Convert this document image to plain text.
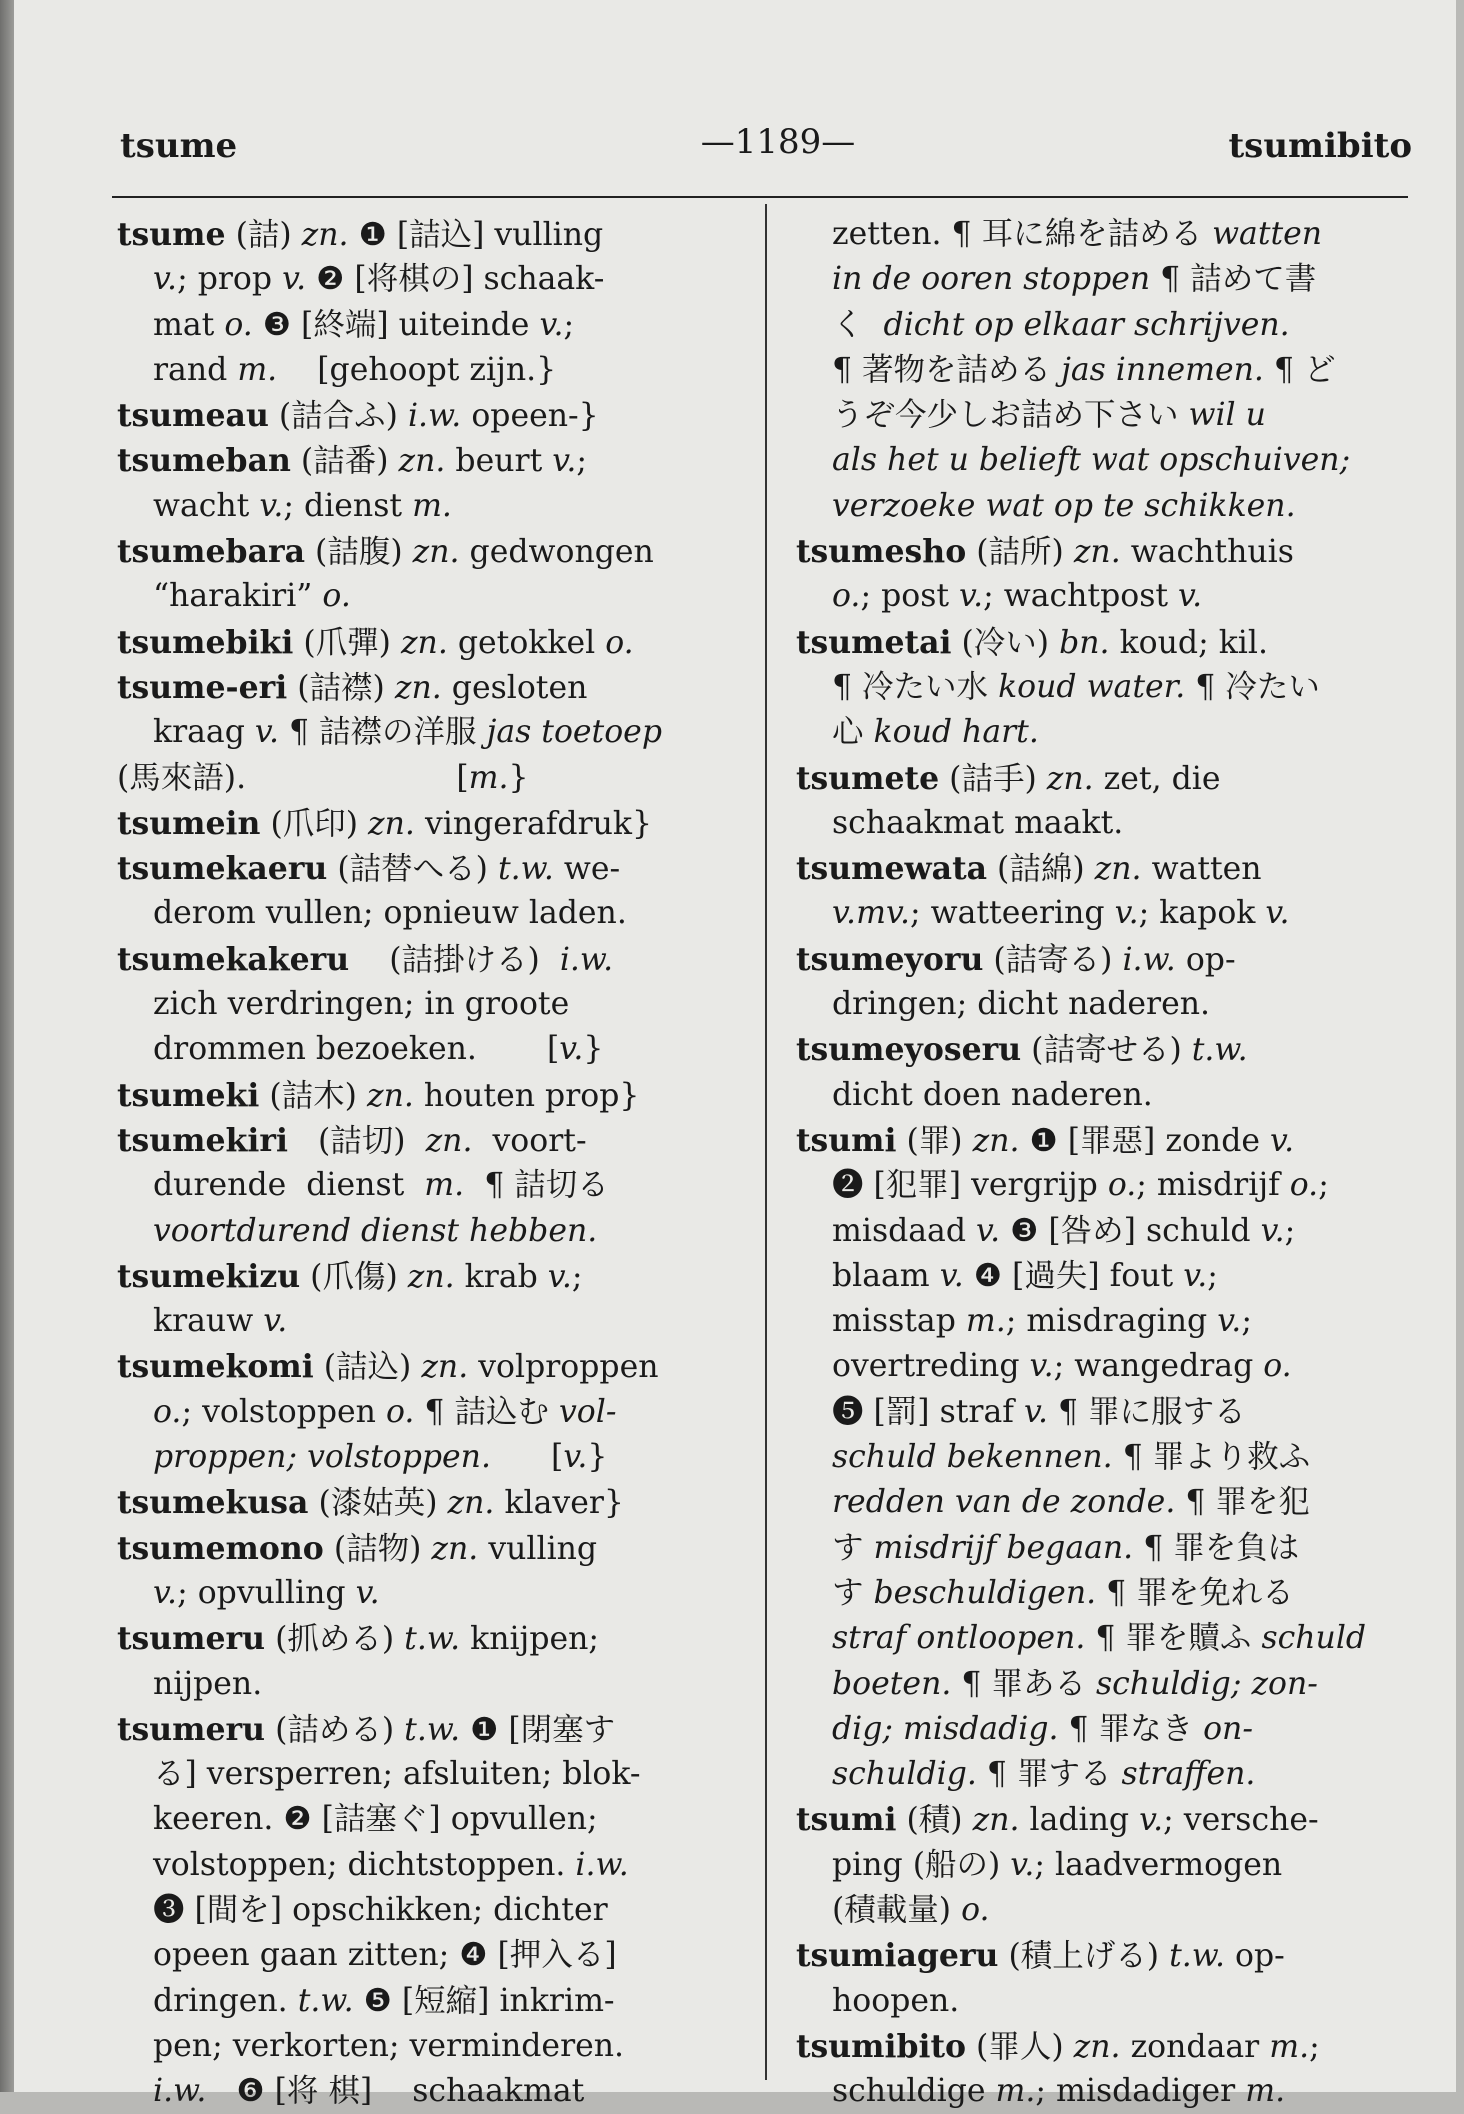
tsume	—1189—	tsumibito
tsume (詰) zn. ❶ [詰込] vulling
v.; prop v. ❷ [将棋の] schaak-
mat o. ❸ [終端] uiteinde v.;
rand m.    [gehoopt zijn.}
tsumeau (詰合ふ) i.w. opeen-}
tsumeban (詰番) zn. beurt v.;
wacht v.; dienst m.
tsumebara (詰腹) zn. gedwongen
“harakiri” o.
tsumebiki (爪彈) zn. getokkel o.
tsume-eri (詰襟) zn. gesloten
kraag v. ¶ 詰襟の洋服 jas toetoep
(馬來語).                     [m.}
tsumein (爪印) zn. vingerafdruk}
tsumekaeru (詰替へる) t.w. we-
derom vullen; opnieuw laden.
tsumekakeru    (詰掛ける)  i.w.
zich verdringen; in groote
drommen bezoeken.       [v.}
tsumeki (詰木) zn. houten prop}
tsumekiri   (詰切)  zn.  voort-
durende  dienst  m.  ¶ 詰切る
voortdurend dienst hebben.
tsumekizu (爪傷) zn. krab v.;
krauw v.
tsumekomi (詰込) zn. volproppen
o.; volstoppen o. ¶ 詰込む vol-
proppen; volstoppen.      [v.}
tsumekusa (漆姑英) zn. klaver}
tsumemono (詰物) zn. vulling
v.; opvulling v.
tsumeru (抓める) t.w. knijpen;
nijpen.
tsumeru (詰める) t.w. ❶ [閉塞す
る] versperren; afsluiten; blok-
keeren. ❷ [詰塞ぐ] opvullen;
volstoppen; dichtstoppen. i.w.
❸ [間を] opschikken; dichter
opeen gaan zitten; ❹ [押入る]
dringen. t.w. ❺ [短縮] inkrim-
pen; verkorten; verminderen.
i.w.   ❻ [将 棋]    schaakmat
zetten. ¶ 耳に綿を詰める watten
in de ooren stoppen ¶ 詰めて書
く  dicht op elkaar schrijven.
¶ 著物を詰める jas innemen. ¶ ど
うぞ今少しお詰め下さい wil u
als het u belieft wat opschuiven;
verzoeke wat op te schikken.
tsumesho (詰所) zn. wachthuis
o.; post v.; wachtpost v.
tsumetai (冷い) bn. koud; kil.
¶ 冷たい水 koud water. ¶ 冷たい
心 koud hart.
tsumete (詰手) zn. zet, die
schaakmat maakt.
tsumewata (詰綿) zn. watten
v.mv.; watteering v.; kapok v.
tsumeyoru (詰寄る) i.w. op-
dringen; dicht naderen.
tsumeyoseru (詰寄せる) t.w.
dicht doen naderen.
tsumi (罪) zn. ❶ [罪惡] zonde v.
❷ [犯罪] vergrijp o.; misdrijf o.;
misdaad v. ❸ [咎め] schuld v.;
blaam v. ❹ [過失] fout v.;
misstap m.; misdraging v.;
overtreding v.; wangedrag o.
❺ [罰] straf v. ¶ 罪に服する
schuld bekennen. ¶ 罪より救ふ
redden van de zonde. ¶ 罪を犯
す misdrijf begaan. ¶ 罪を負は
す beschuldigen. ¶ 罪を免れる
straf ontloopen. ¶ 罪を贖ふ schuld
boeten. ¶ 罪ある schuldig; zon-
dig; misdadig. ¶ 罪なき on-
schuldig. ¶ 罪する straffen.
tsumi (積) zn. lading v.; versche-
ping (船の) v.; laadvermogen
(積載量) o.
tsumiageru (積上げる) t.w. op-
hoopen.
tsumibito (罪人) zn. zondaar m.;
schuldige m.; misdadiger m.
